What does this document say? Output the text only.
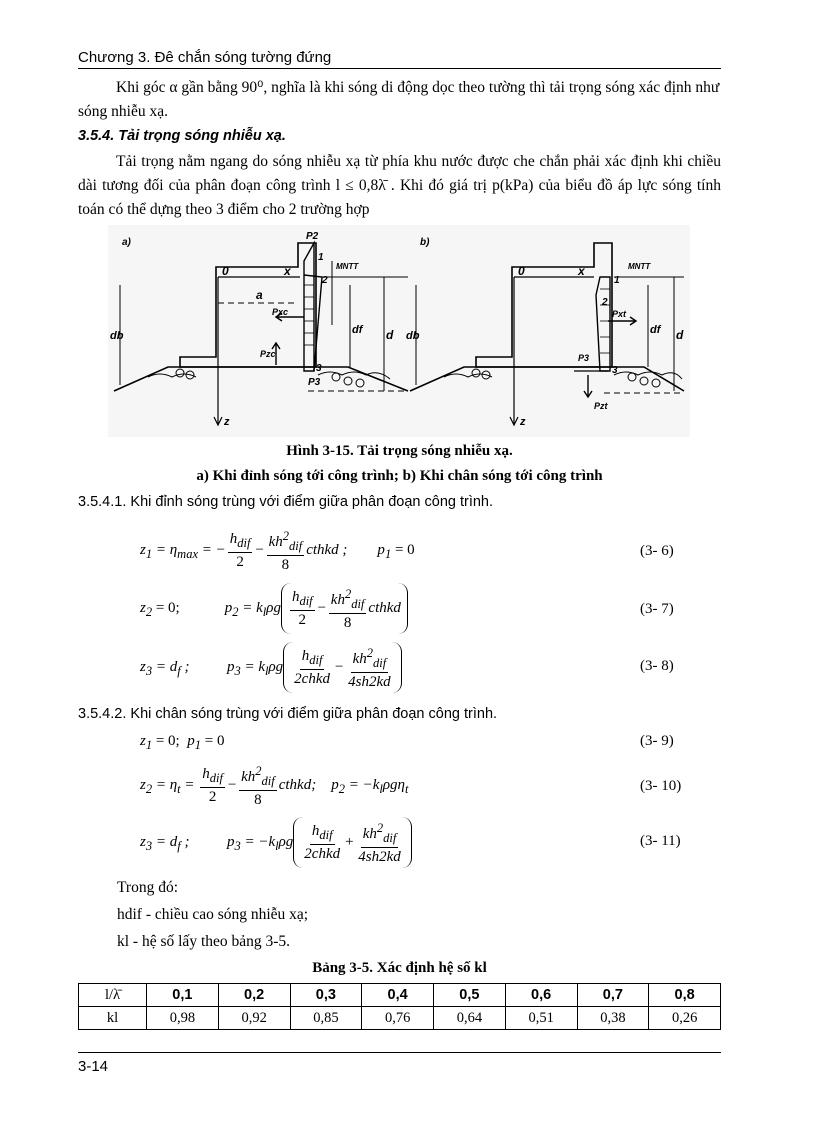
Chương 3. Đê chắn sóng tường đứng
Khi góc α gần bằng 90⁰, nghĩa là khi sóng di động dọc theo tường thì tải trọng sóng xác định như sóng nhiễu xạ.
3.5.4. Tải trọng sóng nhiễu xạ.
Tải trọng nằm ngang do sóng nhiễu xạ từ phía khu nước được che chắn phải xác định khi chiều dài tương đối của phân đoạn công trình l ≤ 0,8λ̄ . Khi đó giá trị p(kPa) của biểu đồ áp lực sóng tính toán có thể dựng theo 3 điểm cho 2 trường hợp
a)
0	x
a
db
z
MNTT
P2
Pxc
Pzc
P3
1
2
3
df d
b)
0	x
db
z
MNTT
1
2
3
Pxt
P3
Pzt
df d
Hình 3-15. Tải trọng sóng nhiễu xạ.
a) Khi đỉnh sóng tới công trình; b) Khi chân sóng tới công trình
3.5.4.1. Khi đỉnh sóng trùng với điểm giữa phân đoạn công trình.
$z_1 = \eta_{max}$ = − $\frac{h_{dif}}{2} - \frac{kh^2_{dif}}{8}$ cthkd ;        $p_1 = 0$	(3- 6)
$z_2 = 0$;            $p_2 = k_l\rho g \frac{h_{dif}}{2} - \frac{kh^2_{dif}}{8}$ cthkd	(3- 7)
$z_3 = d_f$ ;          $p_3 = k_l\rho g \frac{h_{dif}}{\text{2chkd}} - \frac{kh^2_{dif}}{4sh2kd}$	(3- 8)
3.5.4.2. Khi chân sóng trùng với điểm giữa phân đoạn công trình.
$z_1 = 0$;  $p_1 = 0$	(3- 9)
$z_2 = \eta_t = \frac{h_{dif}}{2} - \frac{kh^2_{dif}}{8}$ cthkd;    $p_2 = -k_l\rho g\eta_t$	(3- 10)
$z_3 = d_f$ ;          $p_3 = -k_l\rho g \frac{h_{dif}}{\text{2chkd}} + \frac{kh^2_{dif}}{4sh2kd}$	(3- 11)
Trong đó:
hdif - chiều cao sóng nhiễu xạ;
kl - hệ số lấy theo bảng 3-5.
Bảng 3-5. Xác định hệ số kl
l/λ̄	0,1	0,2	0,3	0,4	0,5	0,6	0,7	0,8
kl	0,98	0,92	0,85	0,76	0,64	0,51	0,38	0,26
3-14
